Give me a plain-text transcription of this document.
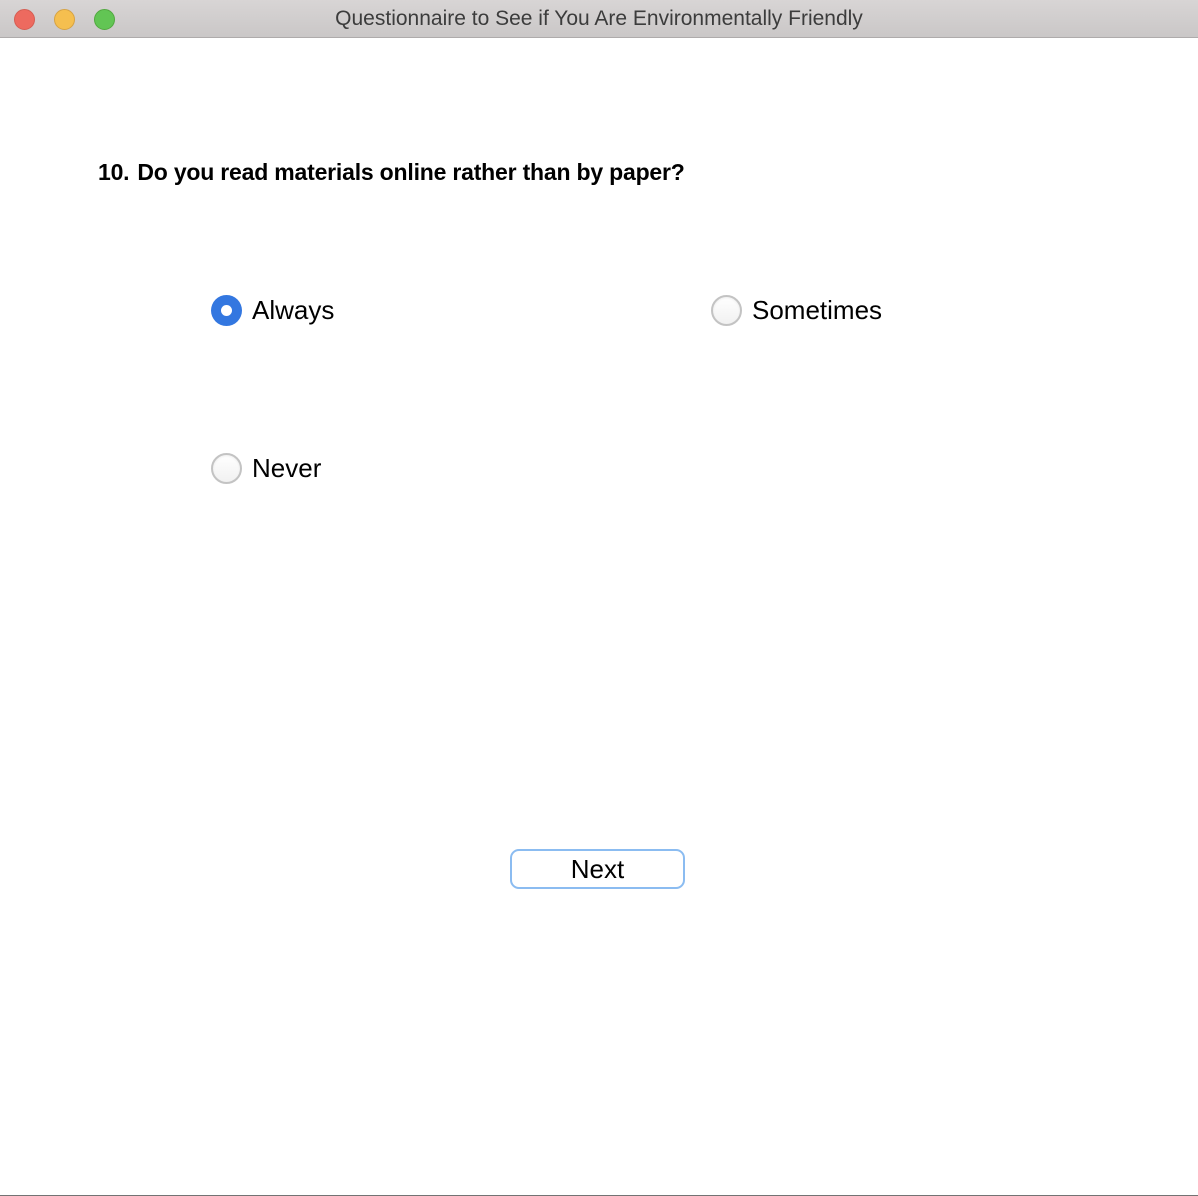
Questionnaire to See if You Are Environmentally Friendly
10. Do you read materials online rather than by paper?
Always	Sometimes
Never
Next
